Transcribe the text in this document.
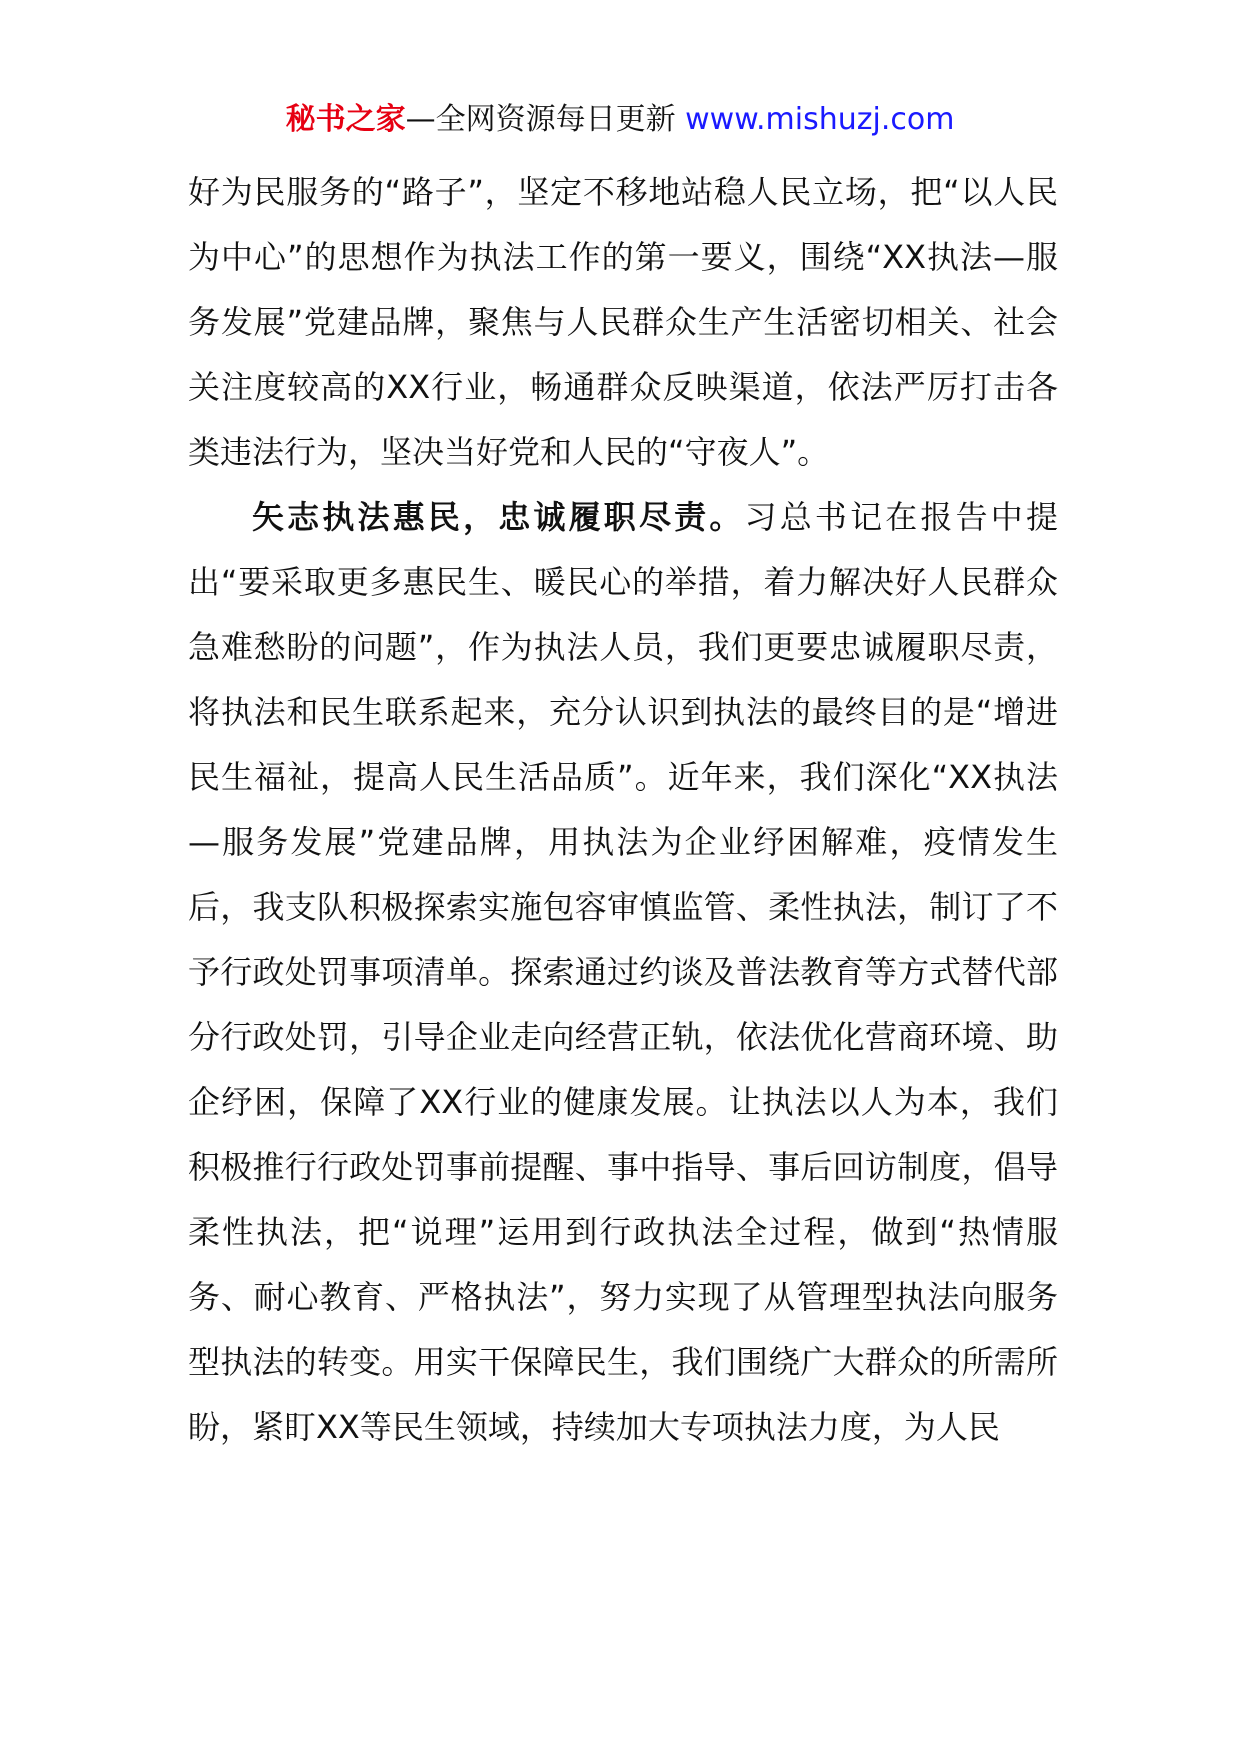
秘书之家—全网资源每日更新 www.mishuzj.com

好为民服务的“路子”，坚定不移地站稳人民立场，把“以人民为中心”的思想作为执法工作的第一要义，围绕“XX执法—服务发展”党建品牌，聚焦与人民群众生产生活密切相关、社会关注度较高的XX行业，畅通群众反映渠道，依法严厉打击各类违法行为，坚决当好党和人民的“守夜人”。

矢志执法惠民，忠诚履职尽责。习总书记在报告中提出“要采取更多惠民生、暖民心的举措，着力解决好人民群众急难愁盼的问题”，作为执法人员，我们更要忠诚履职尽责，将执法和民生联系起来，充分认识到执法的最终目的是“增进民生福祉，提高人民生活品质”。近年来，我们深化“XX执法—服务发展”党建品牌，用执法为企业纾困解难，疫情发生后，我支队积极探索实施包容审慎监管、柔性执法，制订了不予行政处罚事项清单。探索通过约谈及普法教育等方式替代部分行政处罚，引导企业走向经营正轨，依法优化营商环境、助企纾困，保障了XX行业的健康发展。让执法以人为本，我们积极推行行政处罚事前提醒、事中指导、事后回访制度，倡导柔性执法，把“说理”运用到行政执法全过程，做到“热情服务、耐心教育、严格执法”，努力实现了从管理型执法向服务型执法的转变。用实干保障民生，我们围绕广大群众的所需所盼，紧盯XX等民生领域，持续加大专项执法力度，为人民
